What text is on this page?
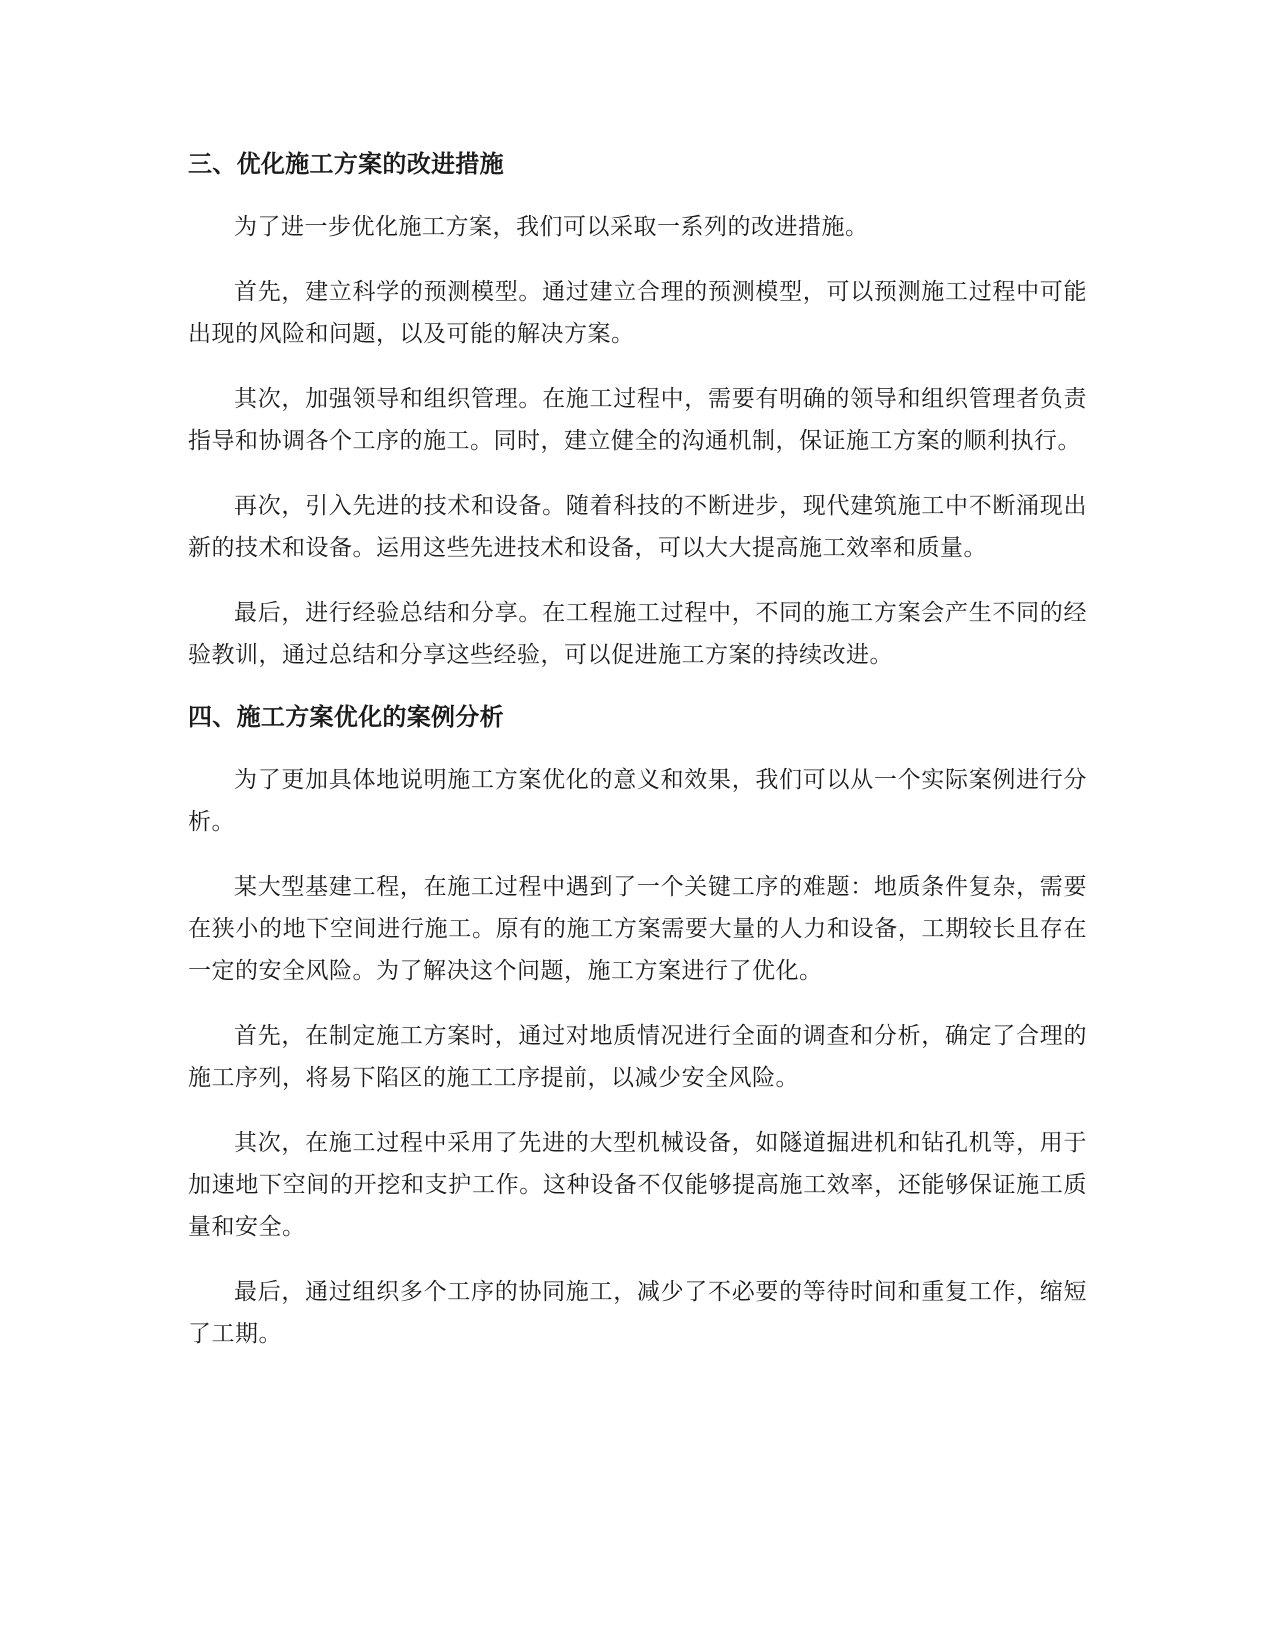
三、优化施工方案的改进措施

为了进一步优化施工方案，我们可以采取一系列的改进措施。

首先，建立科学的预测模型。通过建立合理的预测模型，可以预测施工过程中可能出现的风险和问题，以及可能的解决方案。

其次，加强领导和组织管理。在施工过程中，需要有明确的领导和组织管理者负责指导和协调各个工序的施工。同时，建立健全的沟通机制，保证施工方案的顺利执行。

再次，引入先进的技术和设备。随着科技的不断进步，现代建筑施工中不断涌现出新的技术和设备。运用这些先进技术和设备，可以大大提高施工效率和质量。

最后，进行经验总结和分享。在工程施工过程中，不同的施工方案会产生不同的经验教训，通过总结和分享这些经验，可以促进施工方案的持续改进。

四、施工方案优化的案例分析

为了更加具体地说明施工方案优化的意义和效果，我们可以从一个实际案例进行分析。

某大型基建工程，在施工过程中遇到了一个关键工序的难题：地质条件复杂，需要在狭小的地下空间进行施工。原有的施工方案需要大量的人力和设备，工期较长且存在一定的安全风险。为了解决这个问题，施工方案进行了优化。

首先，在制定施工方案时，通过对地质情况进行全面的调查和分析，确定了合理的施工序列，将易下陷区的施工工序提前，以减少安全风险。

其次，在施工过程中采用了先进的大型机械设备，如隧道掘进机和钻孔机等，用于加速地下空间的开挖和支护工作。这种设备不仅能够提高施工效率，还能够保证施工质量和安全。

最后，通过组织多个工序的协同施工，减少了不必要的等待时间和重复工作，缩短了工期。
